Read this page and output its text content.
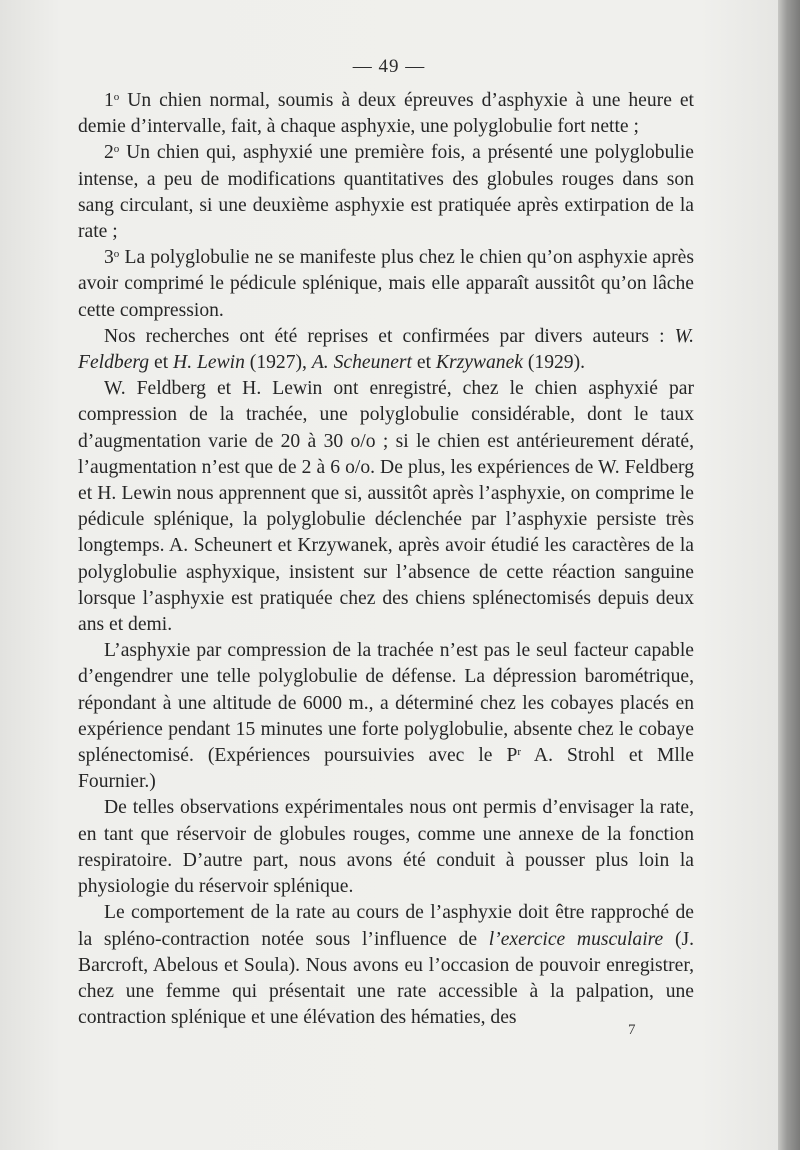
— 49 —

1$^o$ Un chien normal, soumis à deux épreuves d’asphyxie à une heure et demie d’intervalle, fait, à chaque asphyxie, une polyglobulie fort nette ;

2$^o$ Un chien qui, asphyxié une première fois, a présenté une polyglobulie intense, a peu de modifications quantitatives des globules rouges dans son sang circulant, si une deuxième asphyxie est pratiquée après extirpation de la rate ;

3$^o$ La polyglobulie ne se manifeste plus chez le chien qu’on asphyxie après avoir comprimé le pédicule splénique, mais elle apparaît aussitôt qu’on lâche cette compression.

Nos recherches ont été reprises et confirmées par divers auteurs : W. Feldberg et H. Lewin (1927), A. Scheunert et Krzywanek (1929).

W. Feldberg et H. Lewin ont enregistré, chez le chien asphyxié par compression de la trachée, une polyglobulie considérable, dont le taux d’augmentation varie de 20 à 30 o/o ; si le chien est antérieurement dératé, l’augmentation n’est que de 2 à 6 o/o. De plus, les expériences de W. Feldberg et H. Lewin nous apprennent que si, aussitôt après l’asphyxie, on comprime le pédicule splénique, la polyglobulie déclenchée par l’asphyxie persiste très longtemps. A. Scheunert et Krzywanek, après avoir étudié les caractères de la polyglobulie asphyxique, insistent sur l’absence de cette réaction sanguine lorsque l’asphyxie est pratiquée chez des chiens splénectomisés depuis deux ans et demi.

L’asphyxie par compression de la trachée n’est pas le seul facteur capable d’engendrer une telle polyglobulie de défense. La dépression barométrique, répondant à une altitude de 6000 m., a déterminé chez les cobayes placés en expérience pendant 15 minutes une forte polyglobulie, absente chez le cobaye splénectomisé. (Expériences poursuivies avec le $P^r$ A. Strohl et Mlle Fournier.)

De telles observations expérimentales nous ont permis d’envisager la rate, en tant que réservoir de globules rouges, comme une annexe de la fonction respiratoire. D’autre part, nous avons été conduit à pousser plus loin la physiologie du réservoir splénique.

Le comportement de la rate au cours de l’asphyxie doit être rapproché de la spléno-contraction notée sous l’influence de l’exercice musculaire (J. Barcroft, Abelous et Soula). Nous avons eu l’occasion de pouvoir enregistrer, chez une femme qui présentait une rate accessible à la palpation, une contraction splénique et une élévation des hématies, des

7
